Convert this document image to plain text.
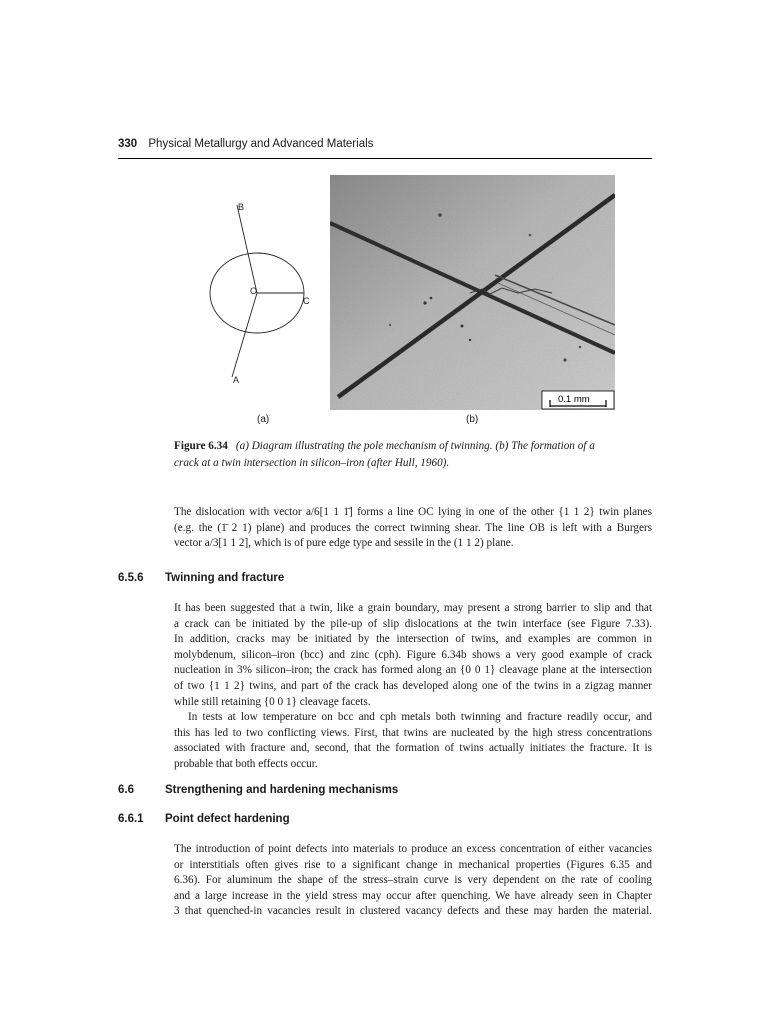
330 Physical Metallurgy and Advanced Materials
B
O
C
A
0.1 mm
(a)	(b)
Figure 6.34 (a) Diagram illustrating the pole mechanism of twinning. (b) The formation of a
crack at a twin intersection in silicon–iron (after Hull, 1960).
The dislocation with vector a/6[1 1 1̄] forms a line OC lying in one of the other {1 1 2} twin planes
(e.g. the (1̄ 2 1) plane) and produces the correct twinning shear. The line OB is left with a Burgers
vector a/3[1 1 2], which is of pure edge type and sessile in the (1 1 2) plane.
6.5.6 Twinning and fracture
It has been suggested that a twin, like a grain boundary, may present a strong barrier to slip and that
a crack can be initiated by the pile-up of slip dislocations at the twin interface (see Figure 7.33).
In addition, cracks may be initiated by the intersection of twins, and examples are common in
molybdenum, silicon–iron (bcc) and zinc (cph). Figure 6.34b shows a very good example of crack
nucleation in 3% silicon–iron; the crack has formed along an {0 0 1} cleavage plane at the intersection
of two {1 1 2} twins, and part of the crack has developed along one of the twins in a zigzag manner
while still retaining {0 0 1} cleavage facets.
In tests at low temperature on bcc and cph metals both twinning and fracture readily occur, and
this has led to two conflicting views. First, that twins are nucleated by the high stress concentrations
associated with fracture and, second, that the formation of twins actually initiates the fracture. It is
probable that both effects occur.
6.6	Strengthening and hardening mechanisms
6.6.1 Point defect hardening
The introduction of point defects into materials to produce an excess concentration of either vacancies
or interstitials often gives rise to a significant change in mechanical properties (Figures 6.35 and
6.36). For aluminum the shape of the stress–strain curve is very dependent on the rate of cooling
and a large increase in the yield stress may occur after quenching. We have already seen in Chapter
3 that quenched-in vacancies result in clustered vacancy defects and these may harden the material.
